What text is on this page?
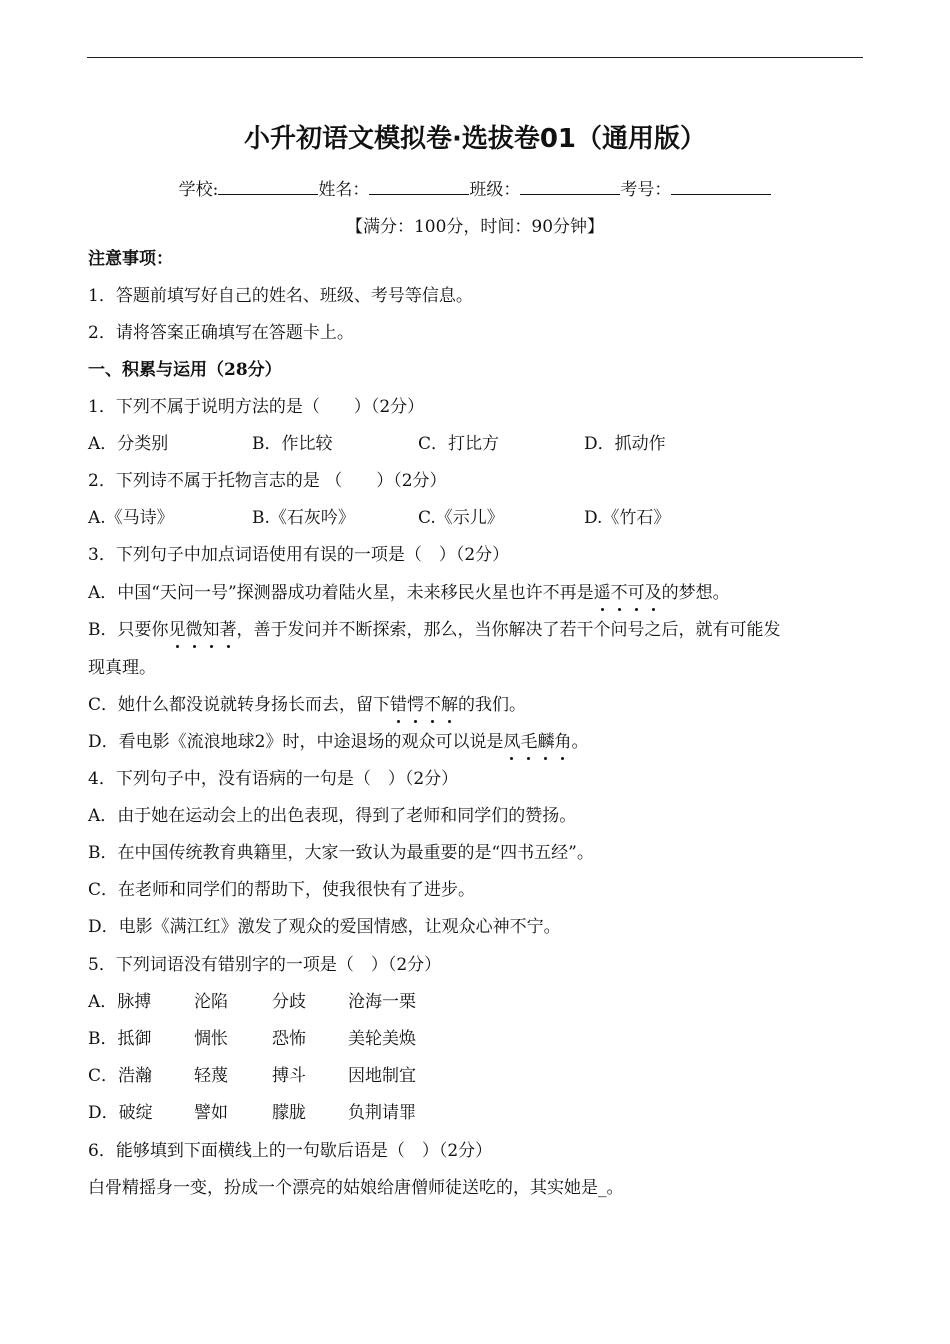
小升初语文模拟卷·选拔卷01（通用版）
学校:	姓名：	班级：	考号：
【满分：100分，时间：90分钟】
注意事项：
1．答题前填写好自己的姓名、班级、考号等信息。
2．请将答案正确填写在答题卡上。
一、积累与运用（28分）
1．下列不属于说明方法的是（　　）（2分）
A．分类别	B．作比较	C．打比方	D．抓动作
2．下列诗不属于托物言志的是 （　　）（2分）
A.《马诗》	B.《石灰吟》	C.《示儿》	D.《竹石》
3．下列句子中加点词语使用有误的一项是（　）（2分）
A．中国“天问一号”探测器成功着陆火星，未来移民火星也许不再是遥不可及的梦想。
B．只要你见微知著，善于发问并不断探索，那么，当你解决了若干个问号之后，就有可能发
现真理。
C．她什么都没说就转身扬长而去，留下错愕不解的我们。
D．看电影《流浪地球2》时，中途退场的观众可以说是凤毛麟角。
4．下列句子中，没有语病的一句是（　）（2分）
A．由于她在运动会上的出色表现，得到了老师和同学们的赞扬。
B．在中国传统教育典籍里，大家一致认为最重要的是“四书五经”。
C．在老师和同学们的帮助下，使我很快有了进步。
D．电影《满江红》激发了观众的爱国情感，让观众心神不宁。
5．下列词语没有错别字的一项是（　）（2分）
A．脉搏	沦陷	分歧 沧海一栗
B．抵御	惆怅	恐怖 美轮美焕
C．浩瀚 轻蔑	搏斗 因地制宜
D．破绽 譬如	朦胧 负荆请罪
6．能够填到下面横线上的一句歇后语是（　）（2分）
白骨精摇身一变，扮成一个漂亮的姑娘给唐僧师徒送吃的，其实她是_。
